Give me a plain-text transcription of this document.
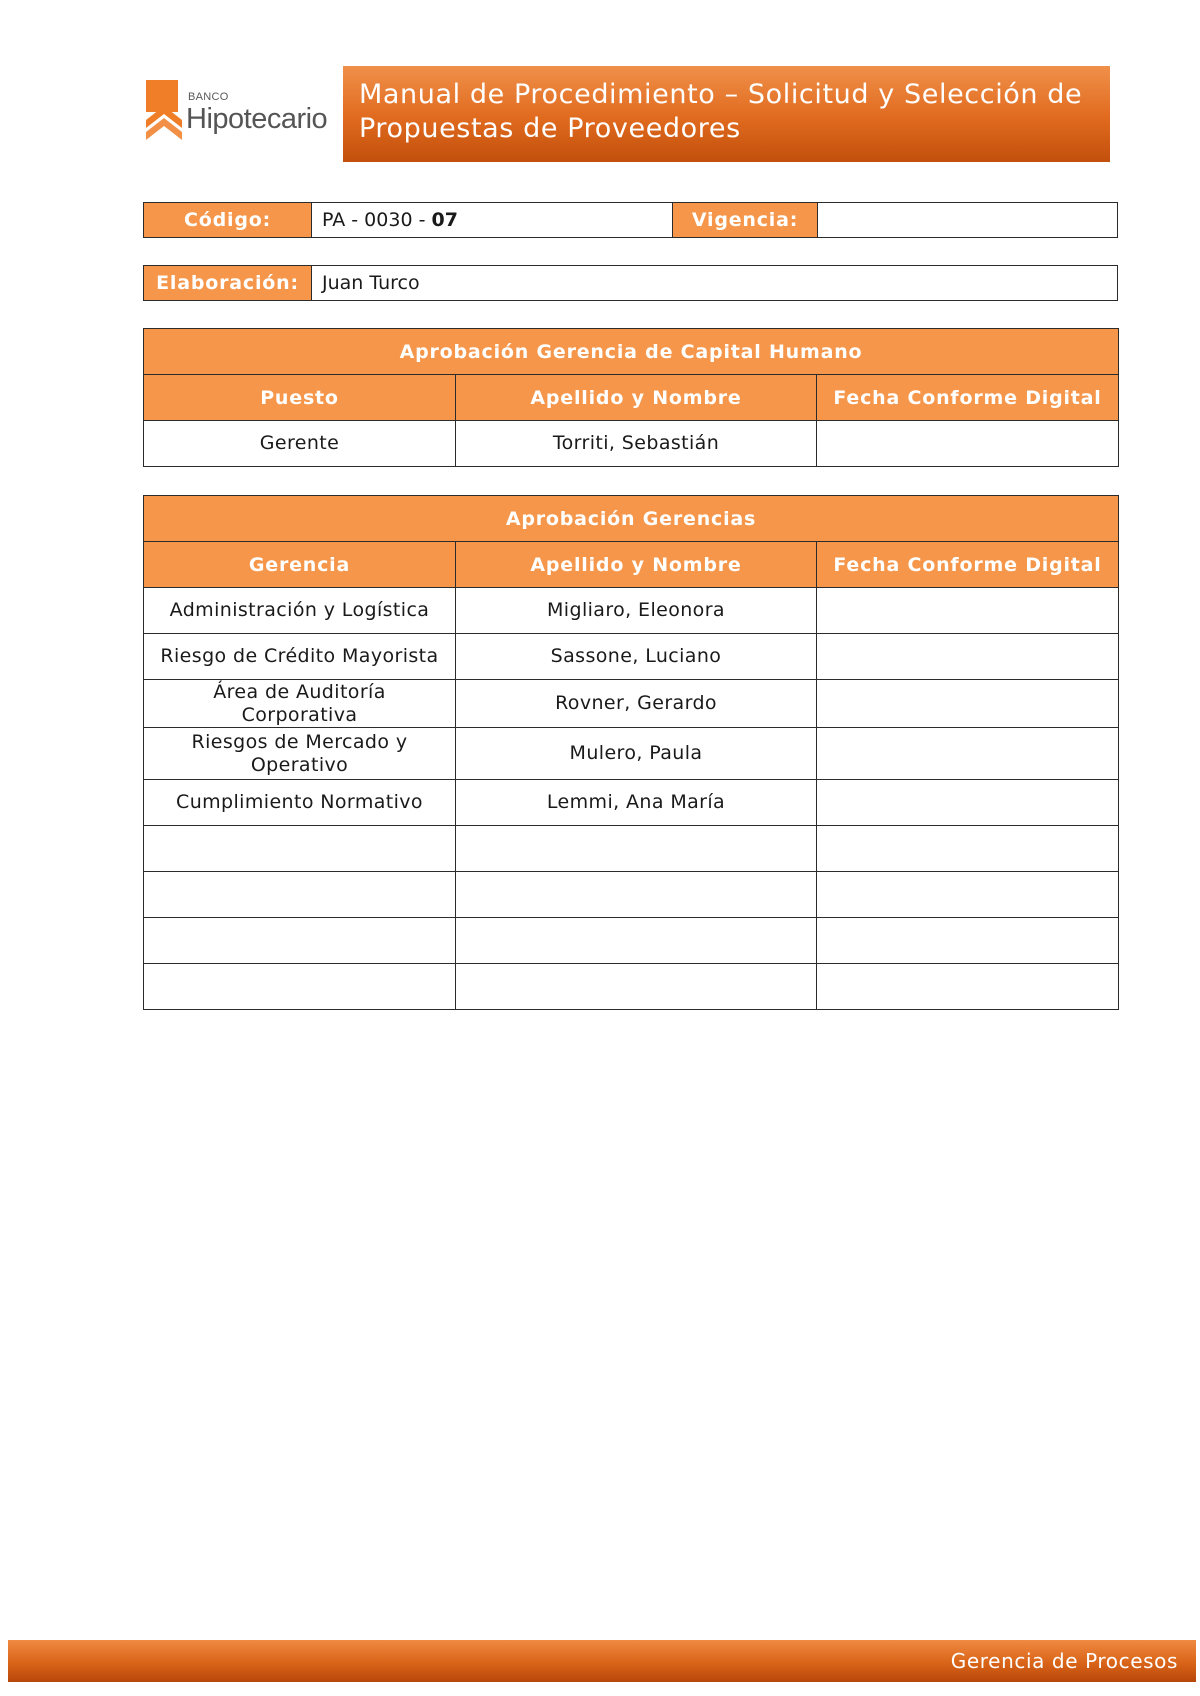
BANCO
Hipotecario
Manual de Procedimiento – Solicitud y Selección de Propuestas de Proveedores
Código:	PA - 0030 - 07	Vigencia:
Elaboración:	Juan Turco
Aprobación Gerencia de Capital Humano		
Puesto	Apellido y Nombre	Fecha Conforme Digital
Gerente	Torriti, Sebastián	
Aprobación Gerencias		
Gerencia	Apellido y Nombre	Fecha Conforme Digital
Administración y Logística	Migliaro, Eleonora	
Riesgo de Crédito Mayorista	Sassone, Luciano	
Área de Auditoría Corporativa	Rovner, Gerardo	
Riesgos de Mercado y Operativo	Mulero, Paula	
Cumplimiento Normativo	Lemmi, Ana María	

Gerencia de Procesos
